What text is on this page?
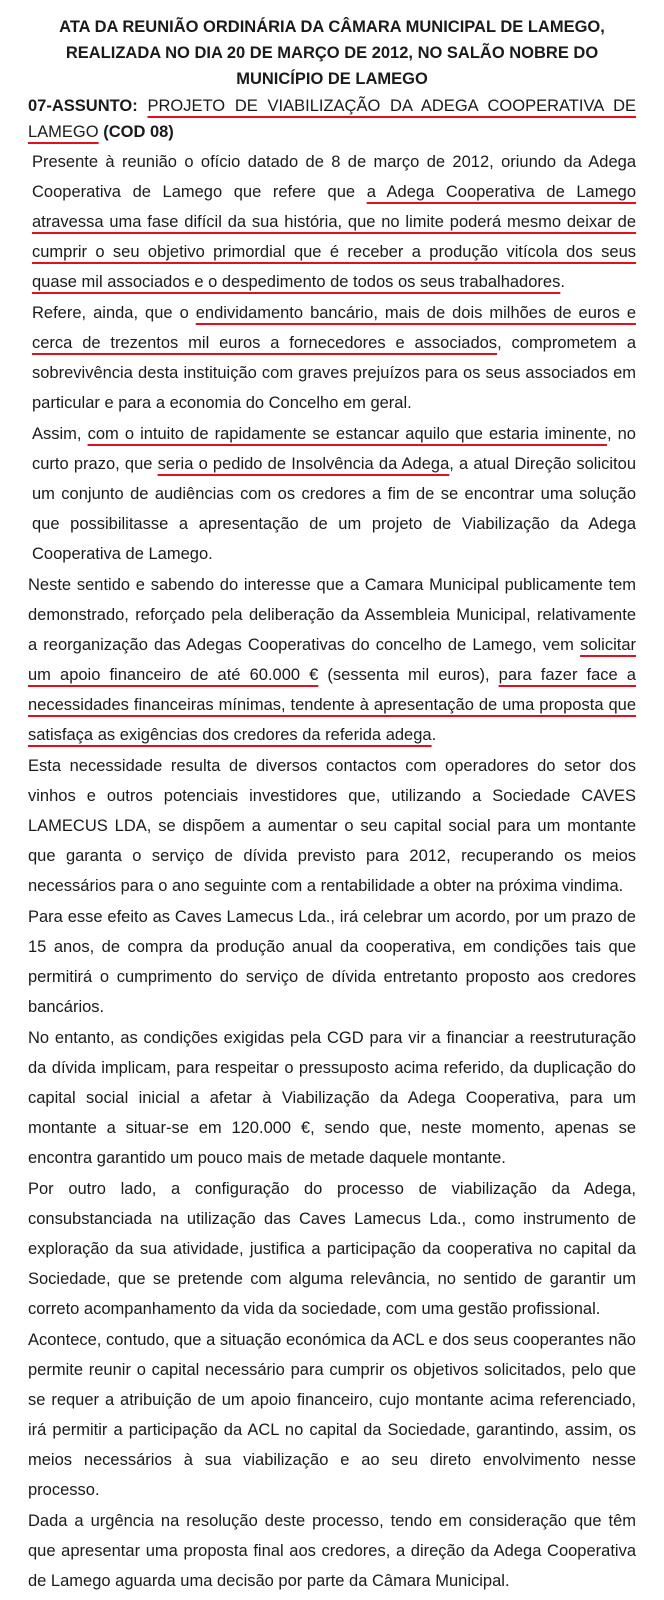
ATA DA REUNIÃO ORDINÁRIA DA CÂMARA MUNICIPAL DE LAMEGO,
REALIZADA NO DIA 20 DE MARÇO DE 2012, NO SALÃO NOBRE DO
MUNICÍPIO DE LAMEGO
07-ASSUNTO: PROJETO DE VIABILIZAÇÃO DA ADEGA COOPERATIVA DE LAMEGO (COD 08)

Presente à reunião o ofício datado de 8 de março de 2012, oriundo da Adega Cooperativa de Lamego que refere que a Adega Cooperativa de Lamego atravessa uma fase difícil da sua história, que no limite poderá mesmo deixar de cumprir o seu objetivo primordial que é receber a produção vitícola dos seus quase mil associados e o despedimento de todos os seus trabalhadores.

Refere, ainda, que o endividamento bancário, mais de dois milhões de euros e cerca de trezentos mil euros a fornecedores e associados, comprometem a sobrevivência desta instituição com graves prejuízos para os seus associados em particular e para a economia do Concelho em geral.

Assim, com o intuito de rapidamente se estancar aquilo que estaria iminente, no curto prazo, que seria o pedido de Insolvência da Adega, a atual Direção solicitou um conjunto de audiências com os credores a fim de se encontrar uma solução que possibilitasse a apresentação de um projeto de Viabilização da Adega Cooperativa de Lamego.

Neste sentido e sabendo do interesse que a Camara Municipal publicamente tem demonstrado, reforçado pela deliberação da Assembleia Municipal, relativamente a reorganização das Adegas Cooperativas do concelho de Lamego, vem solicitar um apoio financeiro de até 60.000 € (sessenta mil euros), para fazer face a necessidades financeiras mínimas, tendente à apresentação de uma proposta que satisfaça as exigências dos credores da referida adega.

Esta necessidade resulta de diversos contactos com operadores do setor dos vinhos e outros potenciais investidores que, utilizando a Sociedade CAVES LAMECUS LDA, se dispõem a aumentar o seu capital social para um montante que garanta o serviço de dívida previsto para 2012, recuperando os meios necessários para o ano seguinte com a rentabilidade a obter na próxima vindima.

Para esse efeito as Caves Lamecus Lda., irá celebrar um acordo, por um prazo de 15 anos, de compra da produção anual da cooperativa, em condições tais que permitirá o cumprimento do serviço de dívida entretanto proposto aos credores bancários.

No entanto, as condições exigidas pela CGD para vir a financiar a reestruturação da dívida implicam, para respeitar o pressuposto acima referido, da duplicação do capital social inicial a afetar à Viabilização da Adega Cooperativa, para um montante a situar-se em 120.000 €, sendo que, neste momento, apenas se encontra garantido um pouco mais de metade daquele montante.

Por outro lado, a configuração do processo de viabilização da Adega, consubstanciada na utilização das Caves Lamecus Lda., como instrumento de exploração da sua atividade, justifica a participação da cooperativa no capital da Sociedade, que se pretende com alguma relevância, no sentido de garantir um correto acompanhamento da vida da sociedade, com uma gestão profissional.

Acontece, contudo, que a situação económica da ACL e dos seus cooperantes não permite reunir o capital necessário para cumprir os objetivos solicitados, pelo que se requer a atribuição de um apoio financeiro, cujo montante acima referenciado, irá permitir a participação da ACL no capital da Sociedade, garantindo, assim, os meios necessários à sua viabilização e ao seu direto envolvimento nesse processo.

Dada a urgência na resolução deste processo, tendo em consideração que têm que apresentar uma proposta final aos credores, a direção da Adega Cooperativa de Lamego aguarda uma decisão por parte da Câmara Municipal.
